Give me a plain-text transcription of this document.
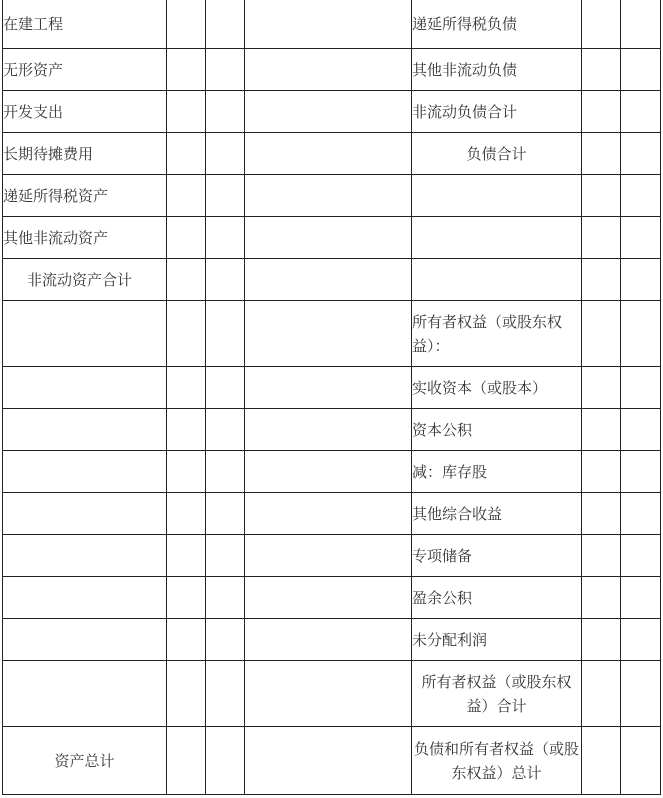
在建工程				递延所得税负债		
无形资产				其他非流动负债		
开发支出				非流动负债合计		
长期待摊费用				负债合计		
递延所得税资产						
其他非流动资产						
非流动资产合计						
				所有者权益（或股东权益）：		
				实收资本（或股本）		
				资本公积		
				减：库存股		
				其他综合收益		
				专项储备		
				盈余公积		
				未分配利润		
				所有者权益（或股东权益）合计		
资产总计				负债和所有者权益（或股东权益）总计		
